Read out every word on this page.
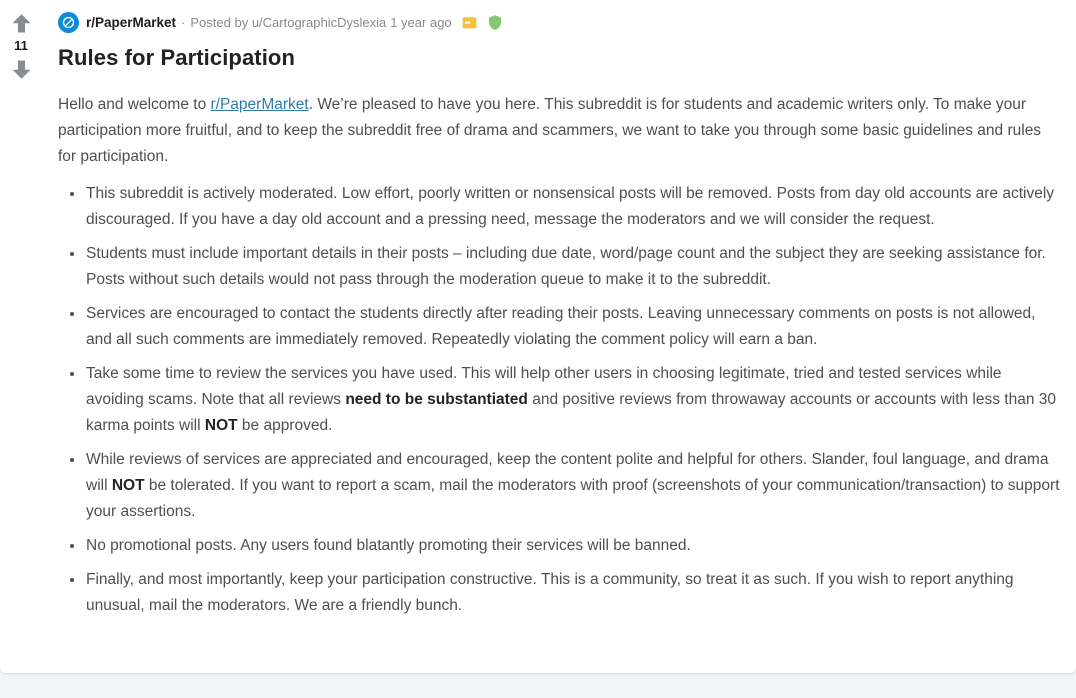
11
r/PaperMarket · Posted by u/CartographicDyslexia 1 year ago
Rules for Participation

Hello and welcome to r/PaperMarket. We’re pleased to have you here. This subreddit is for students and academic writers only. To make your participation more fruitful, and to keep the subreddit free of drama and scammers, we want to take you through some basic guidelines and rules for participation.

• This subreddit is actively moderated. Low effort, poorly written or nonsensical posts will be removed. Posts from day old accounts are actively discouraged. If you have a day old account and a pressing need, message the moderators and we will consider the request.
• Students must include important details in their posts – including due date, word/page count and the subject they are seeking assistance for. Posts without such details would not pass through the moderation queue to make it to the subreddit.
• Services are encouraged to contact the students directly after reading their posts. Leaving unnecessary comments on posts is not allowed, and all such comments are immediately removed. Repeatedly violating the comment policy will earn a ban.
• Take some time to review the services you have used. This will help other users in choosing legitimate, tried and tested services while avoiding scams. Note that all reviews need to be substantiated and positive reviews from throwaway accounts or accounts with less than 30 karma points will NOT be approved.
• While reviews of services are appreciated and encouraged, keep the content polite and helpful for others. Slander, foul language, and drama will NOT be tolerated. If you want to report a scam, mail the moderators with proof (screenshots of your communication/transaction) to support your assertions.
• No promotional posts. Any users found blatantly promoting their services will be banned.
• Finally, and most importantly, keep your participation constructive. This is a community, so treat it as such. If you wish to report anything unusual, mail the moderators. We are a friendly bunch.
